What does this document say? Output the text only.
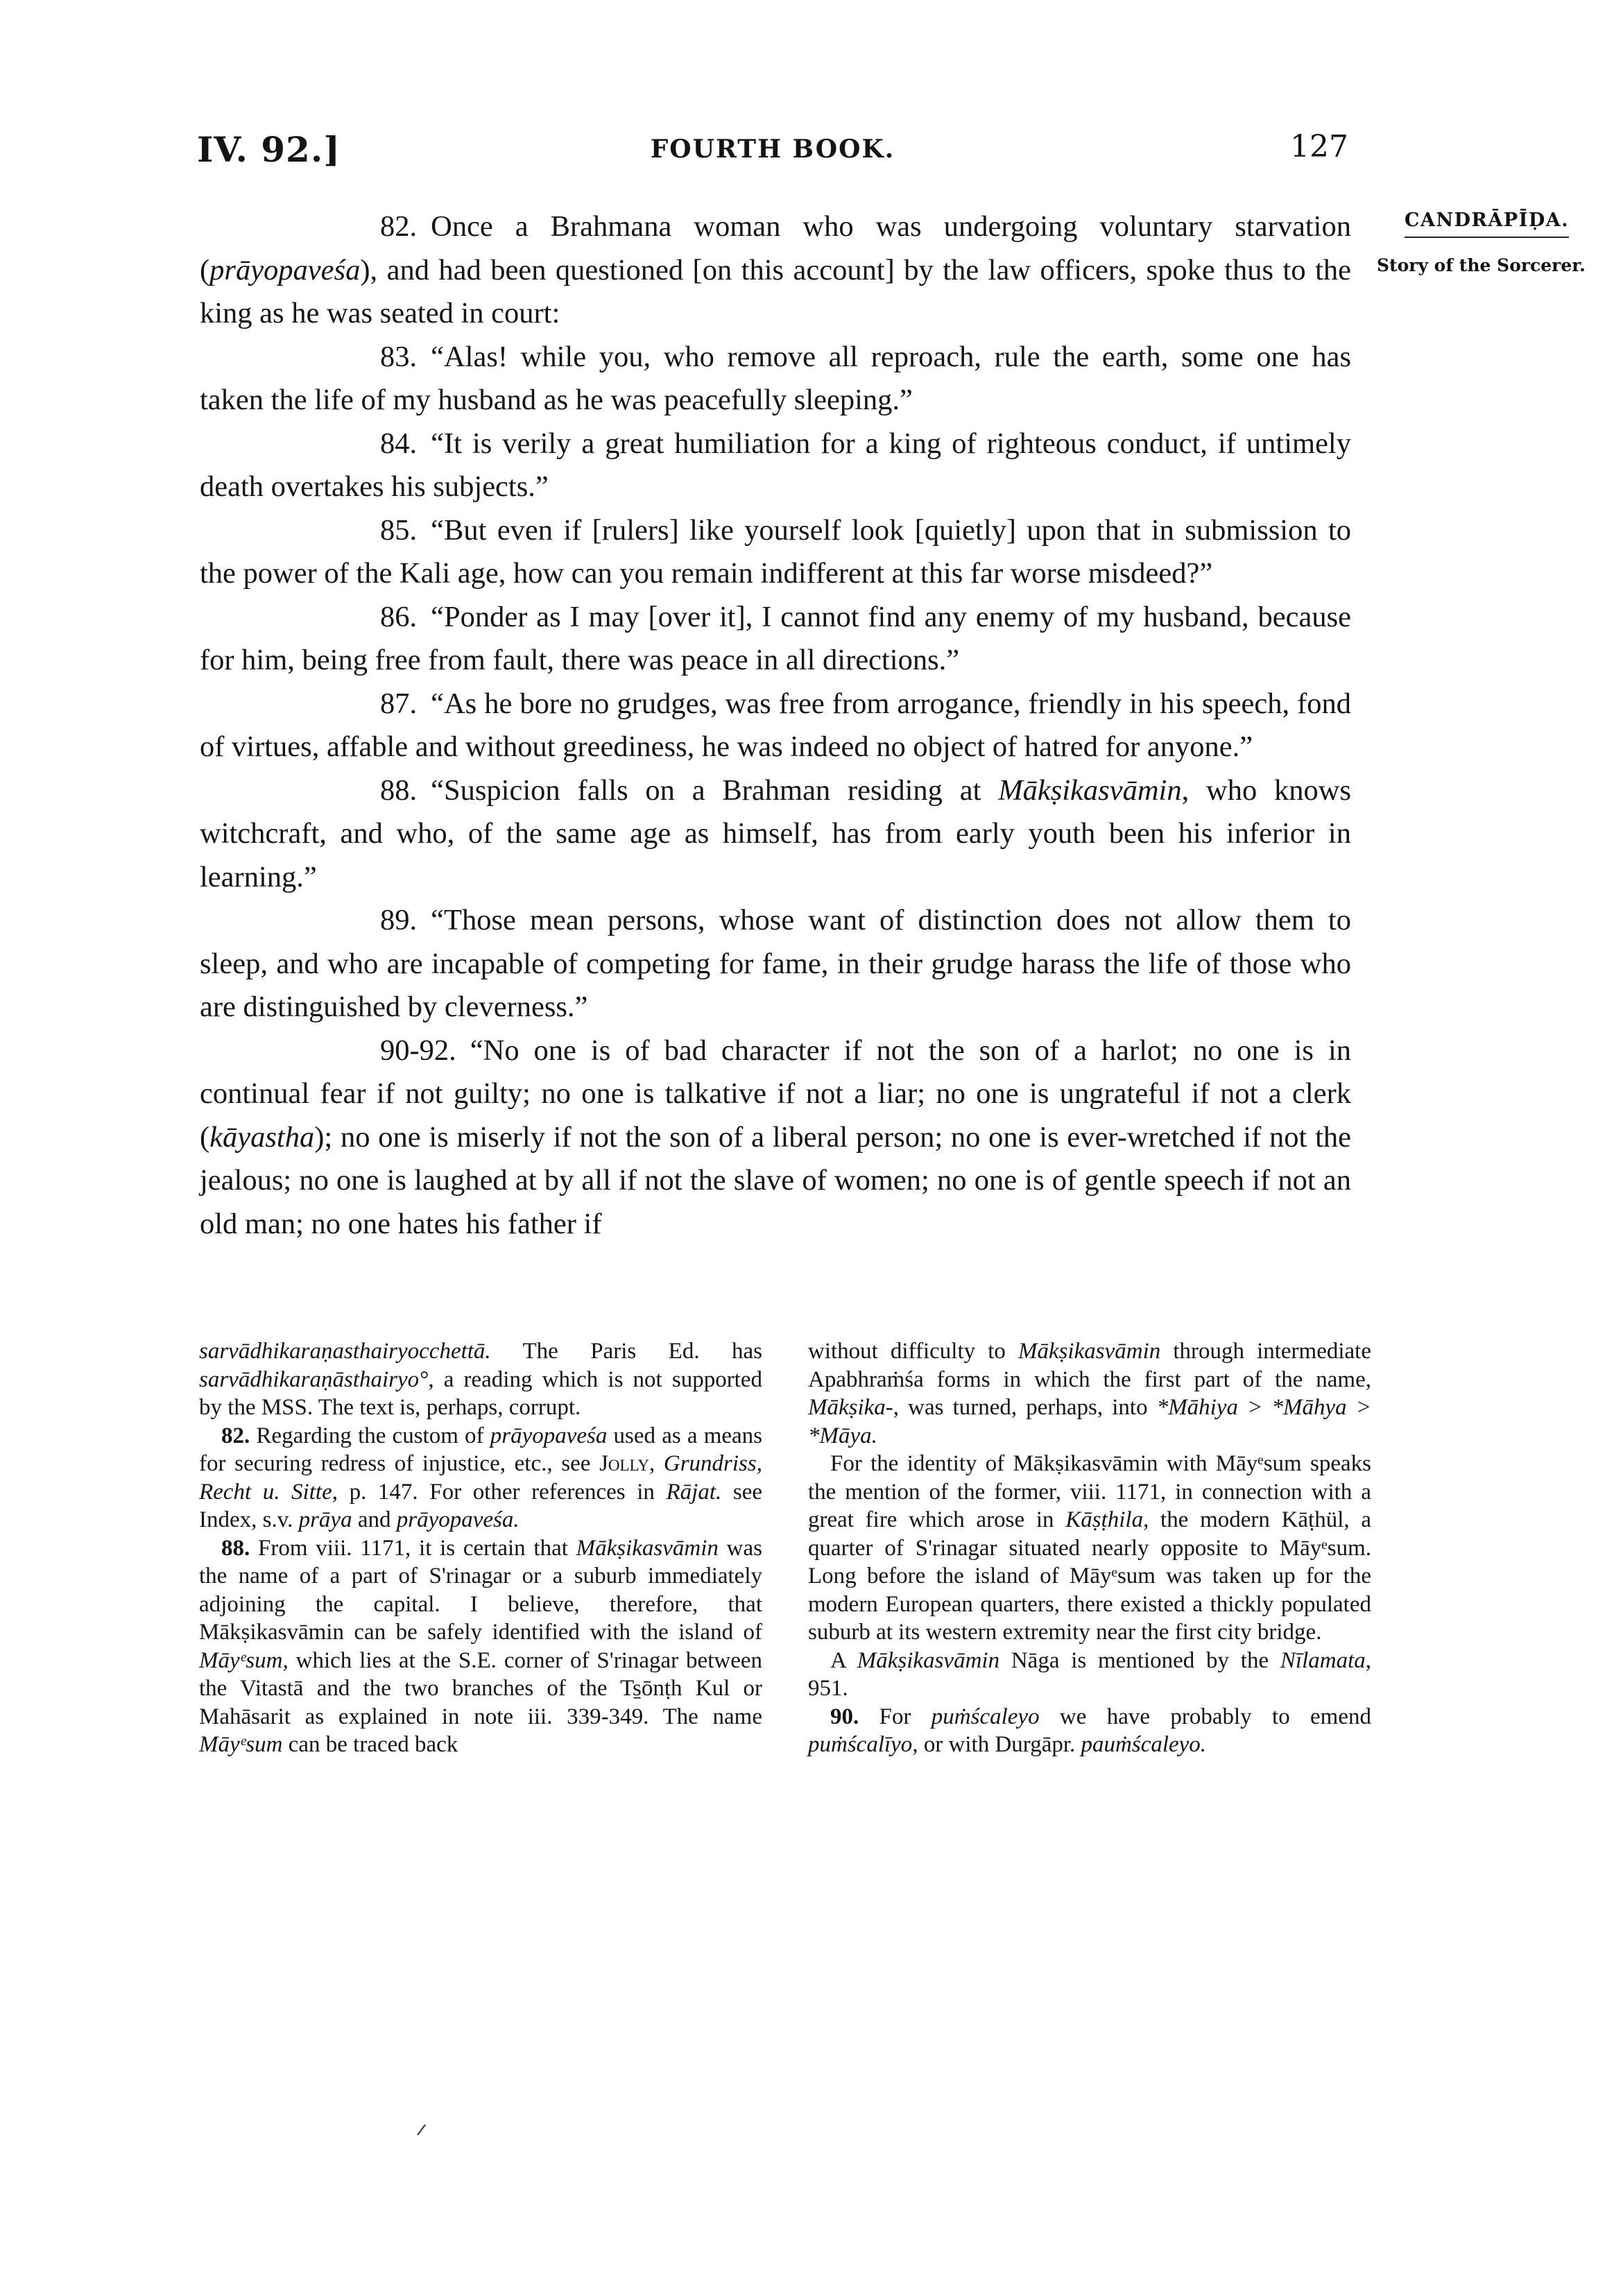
IV. 92.]	FOURTH BOOK.	127
CANDRĀPĪḌA.
Story of the Sorcerer.

82. Once a Brahmana woman who was undergoing voluntary starvation (prāyopaveśa), and had been questioned [on this account] by the law officers, spoke thus to the king as he was seated in court:

83. “Alas! while you, who remove all reproach, rule the earth, some one has taken the life of my husband as he was peacefully sleeping.”

84. “It is verily a great humiliation for a king of righteous conduct, if untimely death overtakes his subjects.”

85. “But even if [rulers] like yourself look [quietly] upon that in submission to the power of the Kali age, how can you remain indifferent at this far worse misdeed?”

86. “Ponder as I may [over it], I cannot find any enemy of my husband, because for him, being free from fault, there was peace in all directions.”

87. “As he bore no grudges, was free from arrogance, friendly in his speech, fond of virtues, affable and without greediness, he was indeed no object of hatred for anyone.”

88. “Suspicion falls on a Brahman residing at Mākṣikasvāmin, who knows witchcraft, and who, of the same age as himself, has from early youth been his inferior in learning.”

89. “Those mean persons, whose want of distinction does not allow them to sleep, and who are incapable of competing for fame, in their grudge harass the life of those who are distinguished by cleverness.”

90-92. “No one is of bad character if not the son of a harlot; no one is in continual fear if not guilty; no one is talkative if not a liar; no one is ungrateful if not a clerk (kāyastha); no one is miserly if not the son of a liberal person; no one is ever-wretched if not the jealous; no one is laughed at by all if not the slave of women; no one is of gentle speech if not an old man; no one hates his father if

sarvādhikaraṇasthairyocchettā. The Paris Ed. has sarvādhikaraṇāsthairyo°, a reading which is not supported by the MSS. The text is, perhaps, corrupt.

82. Regarding the custom of prāyopaveśa used as a means for securing redress of injustice, etc., see Jolly, Grundriss, Recht u. Sitte, p. 147. For other references in Rājat. see Index, s.v. prāya and prāyopaveśa.

88. From viii. 1171, it is certain that Mākṣikasvāmin was the name of a part of S'rinagar or a suburb immediately adjoining the capital. I believe, therefore, that Mākṣikasvāmin can be safely identified with the island of Māyᵉsum, which lies at the S.E. corner of S'rinagar between the Vitastā and the two branches of the Ts̱ōnṭh Kul or Mahāsarit as explained in note iii. 339-349. The name Māyᵉsum can be traced back

without difficulty to Mākṣikasvāmin through intermediate Apabhraṁśa forms in which the first part of the name, Mākṣika-, was turned, perhaps, into *Māhiya > *Māhya > *Māya.

For the identity of Mākṣikasvāmin with Māyᵉsum speaks the mention of the former, viii. 1171, in connection with a great fire which arose in Kāṣṭhila, the modern Kāṭhül, a quarter of S'rinagar situated nearly opposite to Māyᵉsum. Long before the island of Māyᵉsum was taken up for the modern European quarters, there existed a thickly populated suburb at its western extremity near the first city bridge.

A Mākṣikasvāmin Nāga is mentioned by the Nīlamata, 951.

90. For puṁścaleyo we have probably to emend puṁścalīyo, or with Durgāpr. pauṁścaleyo.
